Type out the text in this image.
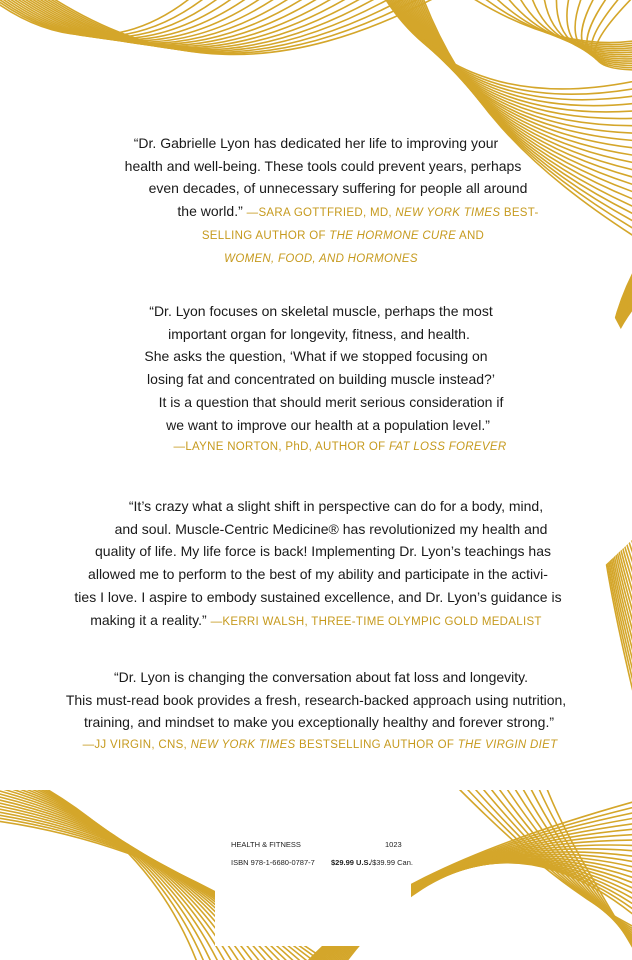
“Dr. Gabrielle Lyon has dedicated her life to improving your
health and well-being. These tools could prevent years, perhaps
even decades, of unnecessary suffering for people all around
the world.” —SARA GOTTFRIED, MD, NEW YORK TIMES BEST-
SELLING AUTHOR OF THE HORMONE CURE AND
WOMEN, FOOD, AND HORMONES
“Dr. Lyon focuses on skeletal muscle, perhaps the most
important organ for longevity, fitness, and health.
She asks the question, ‘What if we stopped focusing on
losing fat and concentrated on building muscle instead?’
It is a question that should merit serious consideration if
we want to improve our health at a population level.”
—LAYNE NORTON, PhD, AUTHOR OF FAT LOSS FOREVER
“It’s crazy what a slight shift in perspective can do for a body, mind,
and soul. Muscle-Centric Medicine® has revolutionized my health and
quality of life. My life force is back! Implementing Dr. Lyon’s teachings has
allowed me to perform to the best of my ability and participate in the activi-
ties I love. I aspire to embody sustained excellence, and Dr. Lyon’s guidance is
making it a reality.” —KERRI WALSH, THREE-TIME OLYMPIC GOLD MEDALIST
“Dr. Lyon is changing the conversation about fat loss and longevity.
This must-read book provides a fresh, research-backed approach using nutrition,
training, and mindset to make you exceptionally healthy and forever strong.”
—JJ VIRGIN, CNS, NEW YORK TIMES BESTSELLING AUTHOR OF THE VIRGIN DIET
HEALTH & FITNESS	1023
ISBN 978-1-6680-0787-7 $29.99 U.S. /$39.99 Can.
